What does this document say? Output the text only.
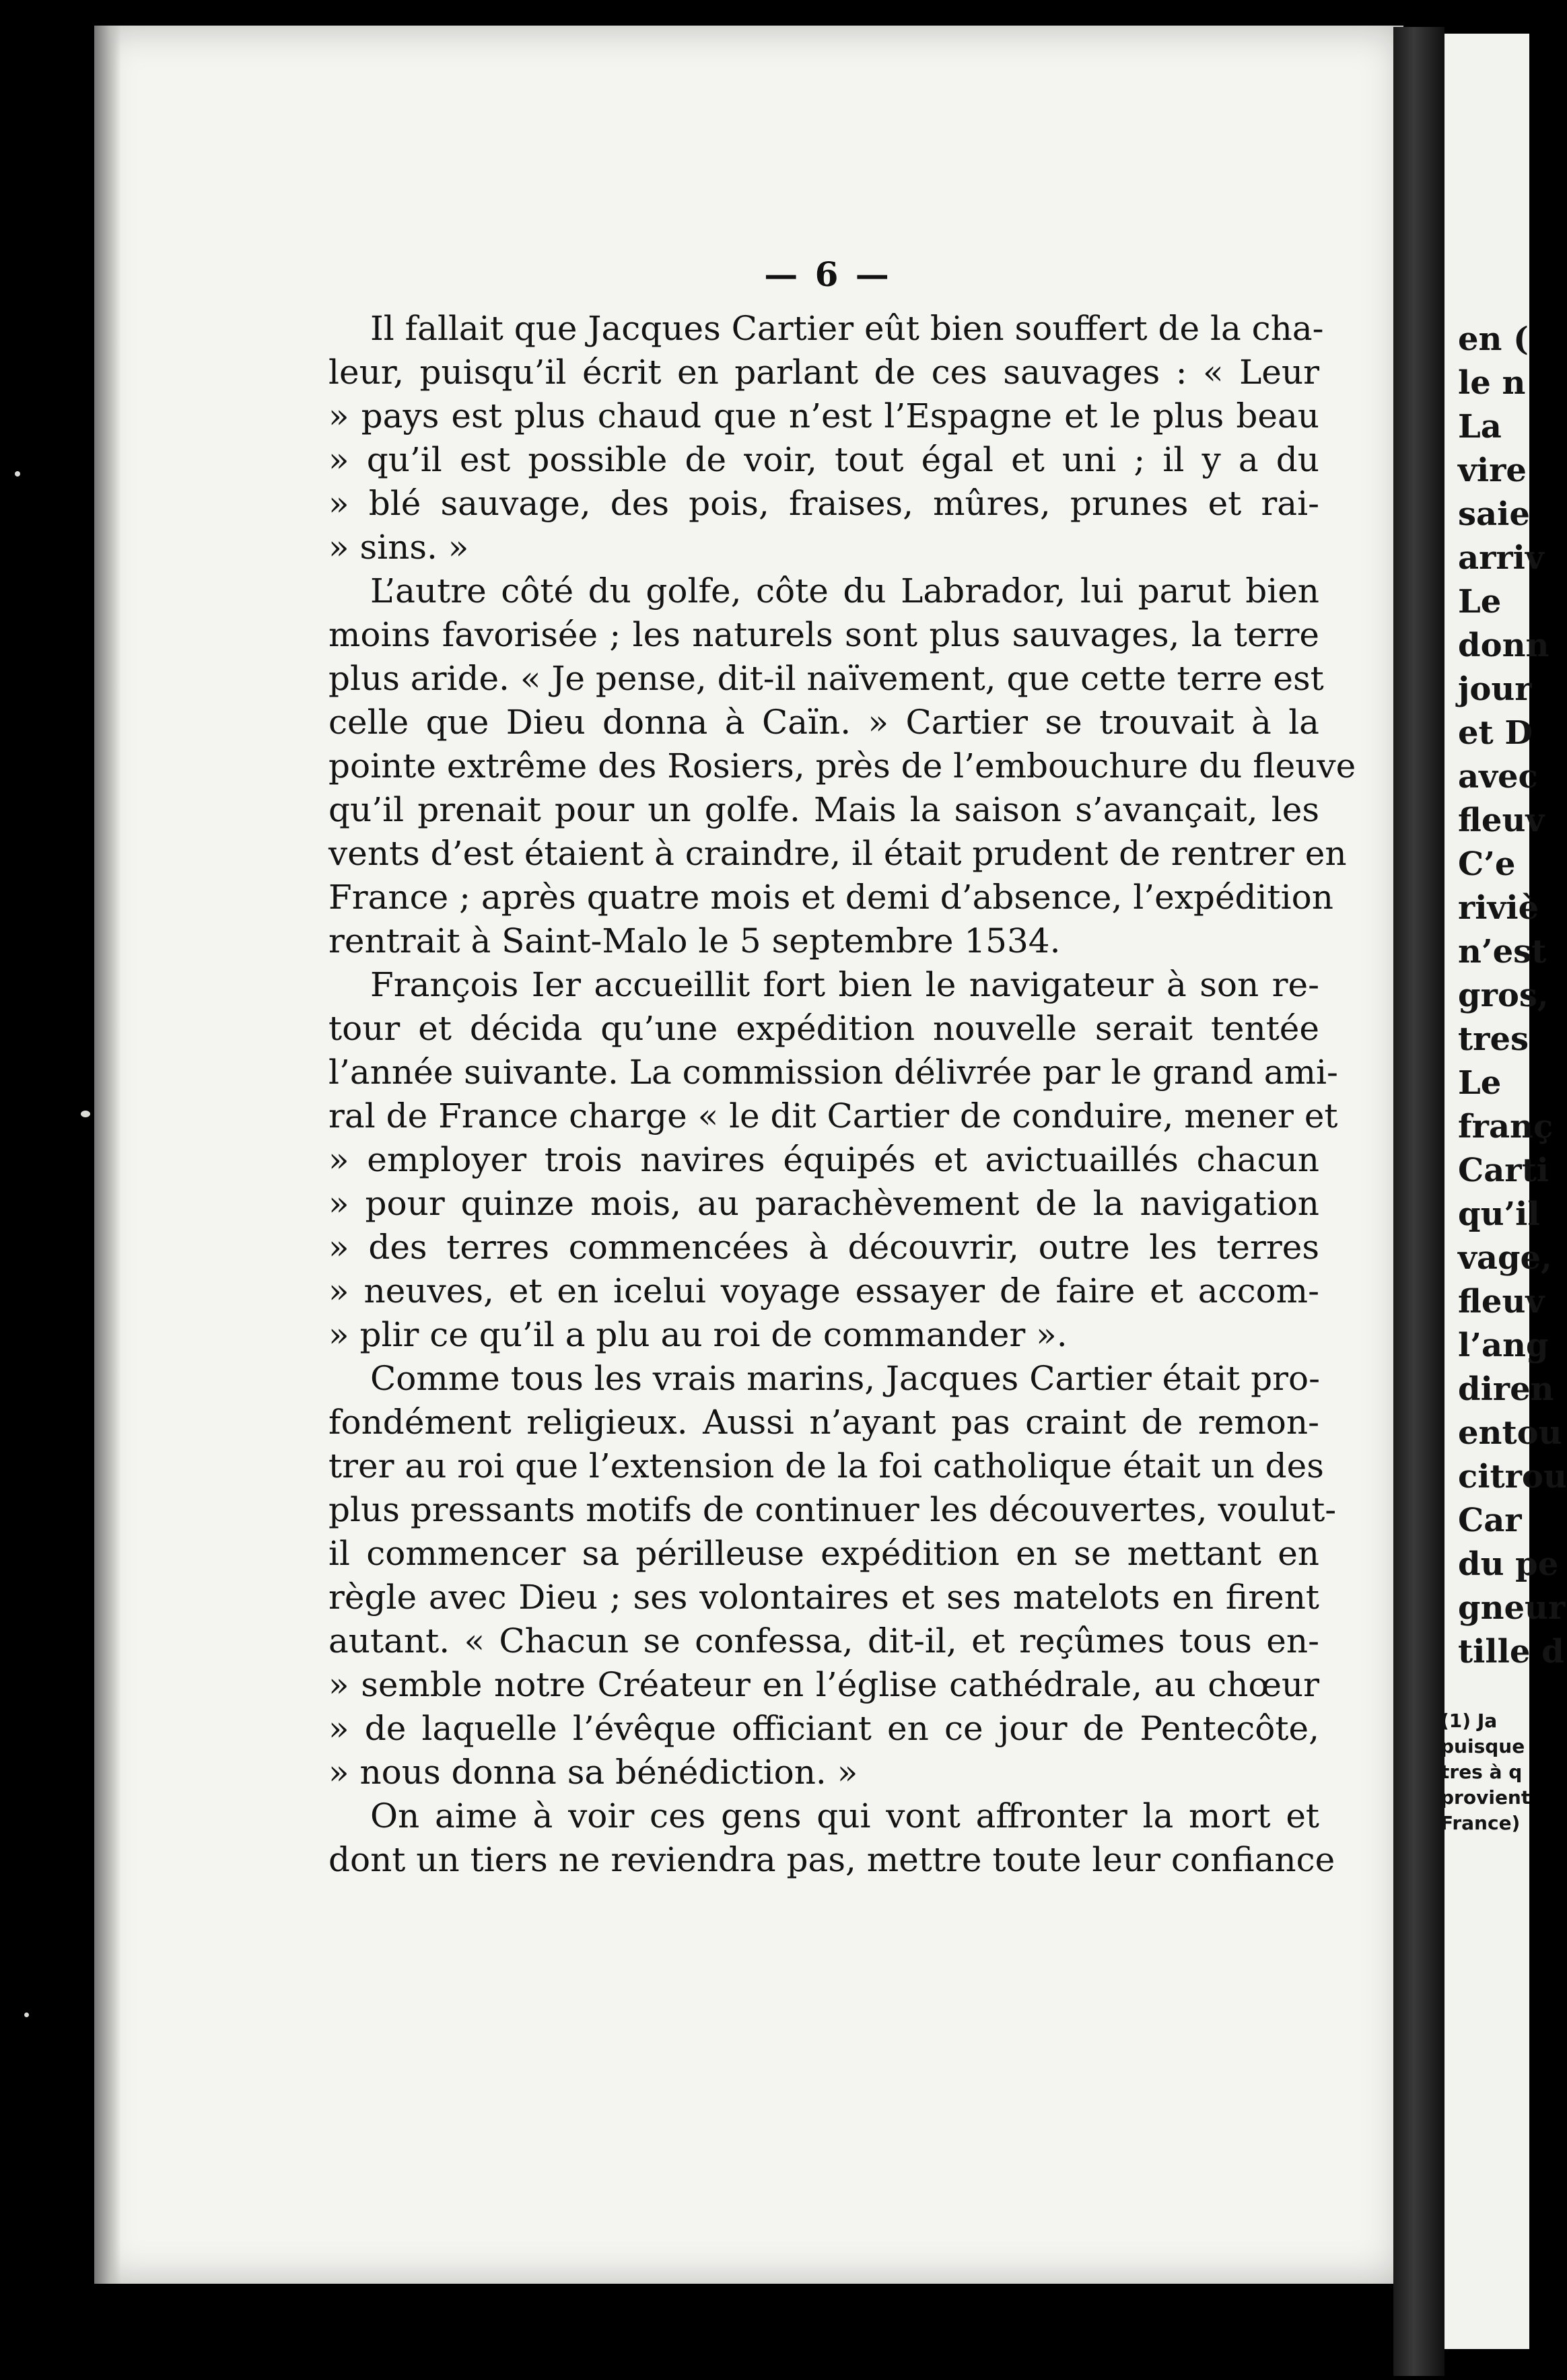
— 6 —
Il fallait que Jacques Cartier eût bien souffert de la cha-
leur, puisqu’il écrit en parlant de ces sauvages : « Leur
» pays est plus chaud que n’est l’Espagne et le plus beau
» qu’il est possible de voir, tout égal et uni ; il y a du
» blé sauvage, des pois, fraises, mûres, prunes et rai-
» sins. »
L’autre côté du golfe, côte du Labrador, lui parut bien
moins favorisée ; les naturels sont plus sauvages, la terre
plus aride. « Je pense, dit-il naïvement, que cette terre est
celle que Dieu donna à Caïn. » Cartier se trouvait à la
pointe extrême des Rosiers, près de l’embouchure du fleuve
qu’il prenait pour un golfe. Mais la saison s’avançait, les
vents d’est étaient à craindre, il était prudent de rentrer en
France ; après quatre mois et demi d’absence, l’expédition
rentrait à Saint-Malo le 5 septembre 1534.
François Ier accueillit fort bien le navigateur à son re-
tour et décida qu’une expédition nouvelle serait tentée
l’année suivante. La commission délivrée par le grand ami-
ral de France charge « le dit Cartier de conduire, mener et
» employer trois navires équipés et avictuaillés chacun
» pour quinze mois, au parachèvement de la navigation
» des terres commencées à découvrir, outre les terres
» neuves, et en icelui voyage essayer de faire et accom-
» plir ce qu’il a plu au roi de commander ».
Comme tous les vrais marins, Jacques Cartier était pro-
fondément religieux. Aussi n’ayant pas craint de remon-
trer au roi que l’extension de la foi catholique était un des
plus pressants motifs de continuer les découvertes, voulut-
il commencer sa périlleuse expédition en se mettant en
règle avec Dieu ; ses volontaires et ses matelots en firent
autant. « Chacun se confessa, dit-il, et reçûmes tous en-
» semble notre Créateur en l’église cathédrale, au chœur
» de laquelle l’évêque officiant en ce jour de Pentecôte,
» nous donna sa bénédiction. »
On aime à voir ces gens qui vont affronter la mort et
dont un tiers ne reviendra pas, mettre toute leur confiance
en (
le n
La
vire
saie
arriv
Le
donn
jour
et D
avec
fleuv
C’e
riviè
n’est
gros,
tres
Le
franç
Carti
qu’il
vage,
fleuv
l’ang
diren
entou
citrou
Car
du pe
gneur
tille d
(1) Ja
puisque
tres à q
provient
France)
